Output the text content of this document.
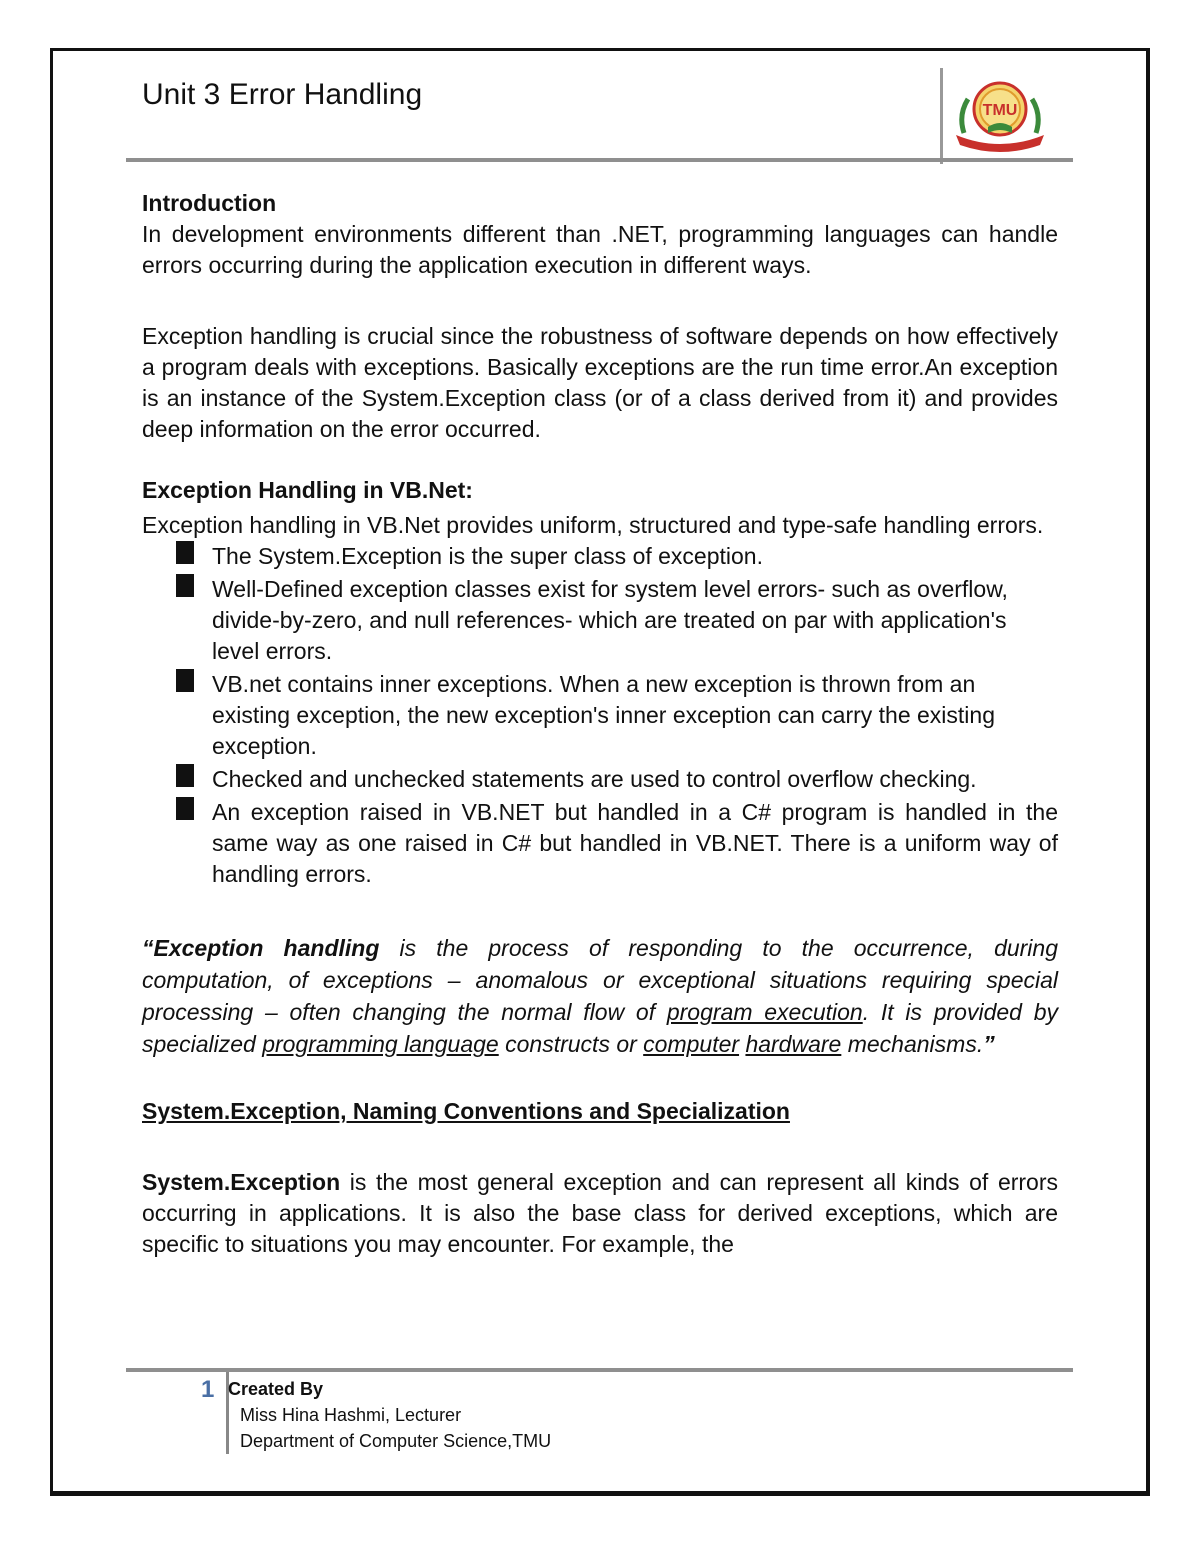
Unit 3 Error Handling	TMU

Introduction

In development environments different than .NET, programming languages can handle errors occurring during the application execution in different ways.

Exception handling is crucial since the robustness of software depends on how effectively a program deals with exceptions. Basically exceptions are the run time error.An exception is an instance of the System.Exception class (or of a class derived from it) and provides deep information on the error occurred.

Exception Handling in VB.Net:

Exception handling in VB.Net provides uniform, structured and type-safe handling errors.

The System.Exception is the super class of exception.
Well-Defined exception classes exist for system level errors- such as overflow, divide-by-zero, and null references- which are treated on par with application's level errors.
VB.net contains inner exceptions. When a new exception is thrown from an existing exception, the new exception's inner exception can carry the existing exception.
Checked and unchecked statements are used to control overflow checking.
An exception raised in VB.NET but handled in a C# program is handled in the same way as one raised in C# but handled in VB.NET. There is a uniform way of handling errors.

“Exception handling is the process of responding to the occurrence, during computation, of exceptions – anomalous or exceptional situations requiring special processing – often changing the normal flow of program execution. It is provided by specialized programming language constructs or computer hardware mechanisms.”

System.Exception, Naming Conventions and Specialization

System.Exception is the most general exception and can represent all kinds of errors occurring in applications. It is also the base class for derived exceptions, which are specific to situations you may encounter. For example, the

1 Created By
Miss Hina Hashmi, Lecturer
Department of Computer Science,TMU
